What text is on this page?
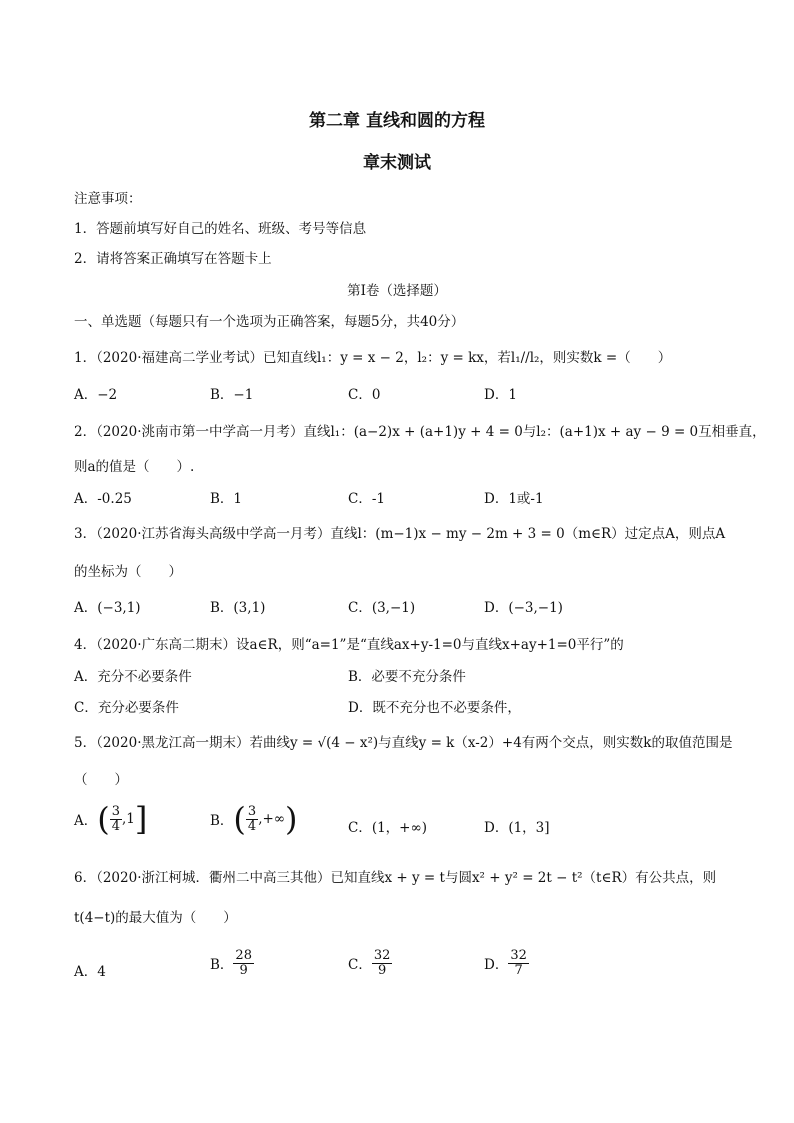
第二章 直线和圆的方程
章末测试
注意事项：
1．答题前填写好自己的姓名、班级、考号等信息
2．请将答案正确填写在答题卡上
第I卷（选择题）
一、单选题（每题只有一个选项为正确答案，每题5分，共40分）
1．（2020·福建高二学业考试）已知直线l₁：y = x − 2，l₂：y = kx，若l₁//l₂，则实数k =（　　）
A．−2	B．−1	C．0	D．1
2．（2020·洮南市第一中学高一月考）直线l₁：(a−2)x + (a+1)y + 4 = 0与l₂：(a+1)x + ay − 9 = 0互相垂直，
则a的值是（　　）.
A．-0.25	B．1	C．-1	D．1或-1
3．（2020·江苏省海头高级中学高一月考）直线l：(m−1)x − my − 2m + 3 = 0（m∈R）过定点A，则点A
的坐标为（　　）
A．(−3,1)	B．(3,1)	C．(3,−1)	D．(−3,−1)
4．（2020·广东高二期末）设a∈R，则“a=1”是“直线ax+y-1=0与直线x+ay+1=0平行”的
A．充分不必要条件	B．必要不充分条件
C．充分必要条件	D．既不充分也不必要条件，
5．（2020·黑龙江高一期末）若曲线y = √(4 − x²)与直线y = k（x-2）+4有两个交点，则实数k的取值范围是
（　　）
A． ( $\frac{3}{4} ,1$ ]	B． ( $\frac{3}{4}$ ,+∞ )	C．(1，+∞)	D．(1，3]
6．（2020·浙江柯城．衢州二中高三其他）已知直线x + y = t与圆x² + y² = 2t − t²（t∈R）有公共点，则
t(4−t)的最大值为（　　）
A．4	B． $\frac{28}{9}$	C． $\frac{32}{9}$	D． $\frac{32}{7}$
